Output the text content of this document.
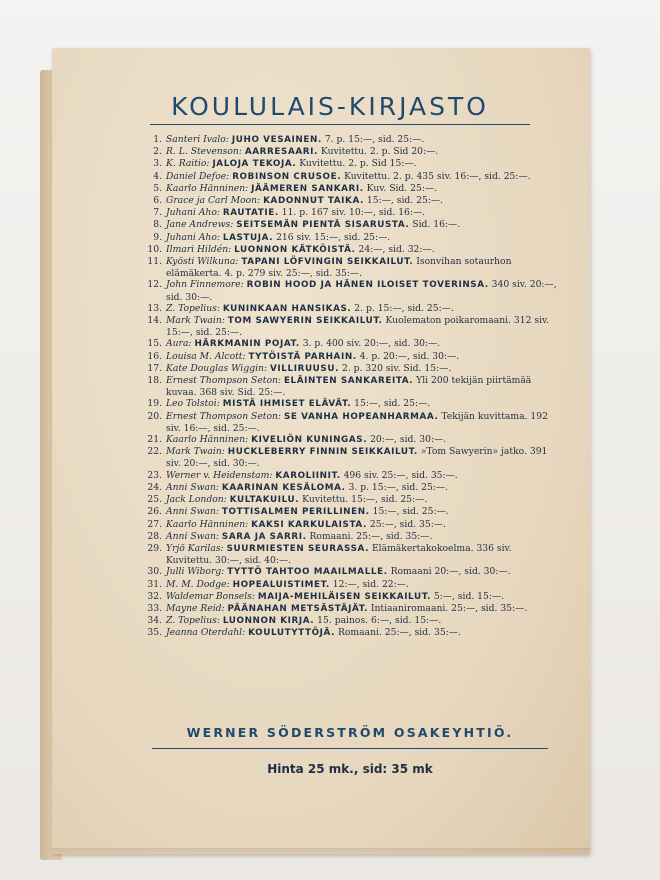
KOULULAIS-KIRJASTO
1. Santeri Ivalo: JUHO VESAINEN. 7. p. 15:—, sid. 25:—.
2. R. L. Stevenson: AARRESAARI. Kuvitettu. 2. p. Sid 20:—.
3. K. Raitio: JALOJA TEKOJA. Kuvitettu. 2. p. Sid 15:—.
4. Daniel Defoe: ROBINSON CRUSOE. Kuvitettu. 2. p. 435 siv. 16:—, sid. 25:—.
5. Kaarlo Hänninen: JÄÄMEREN SANKARI. Kuv. Sid. 25:—.
6. Grace ja Carl Moon: KADONNUT TAIKA. 15:—, sid. 25:—.
7. Juhani Aho: RAUTATIE. 11. p. 167 siv. 10:—, sid. 16:—.
8. Jane Andrews: SEITSEMÄN PIENTÄ SISARUSTA. Sid. 16:—.
9. Juhani Aho: LASTUJA. 216 siv. 15:—, sid. 25:—.
10. Ilmari Hildén: LUONNON KÄTKÖISTÄ. 24:—, sid. 32:—.
11. Kyösti Wilkuna: TAPANI LÖFVINGIN SEIKKAILUT. Isonvihan sotaurhon elämäkerta. 4. p. 279 siv. 25:—, sid. 35:—.
12. John Finnemore: ROBIN HOOD JA HÄNEN ILOISET TOVERINSA. 340 siv. 20:—, sid. 30:—.
13. Z. Topelius: KUNINKAAN HANSIKAS. 2. p. 15:—, sid. 25:—.
14. Mark Twain: TOM SAWYERIN SEIKKAILUT. Kuolematon poikaromaani. 312 siv. 15:—, sid. 25:—.
15. Aura: HÄRKMANIN POJAT. 3. p. 400 siv. 20:—, sid. 30:—.
16. Louisa M. Alcott: TYTÖISTÄ PARHAIN. 4. p. 20:—, sid. 30:—.
17. Kate Douglas Wiggin: VILLIRUUSU. 2. p. 320 siv. Sid. 15:—.
18. Ernest Thompson Seton: ELÄINTEN SANKAREITA. Yli 200 tekijän piirtämää kuvaa. 368 siv. Sid. 25:—.
19. Leo Tolstoi: MISTÄ IHMISET ELÄVÄT. 15:—, sid. 25:—.
20. Ernest Thompson Seton: SE VANHA HOPEANHARMAA. Tekijän kuvittama. 192 siv. 16:—, sid. 25:—.
21. Kaarlo Hänninen: KIVELIÖN KUNINGAS. 20:—, sid. 30:—.
22. Mark Twain: HUCKLEBERRY FINNIN SEIKKAILUT. »Tom Sawyerin» jatko. 391 siv. 20:—, sid. 30:—.
23. Werner v. Heidenstam: KAROLIINIT. 496 siv. 25:—, sid. 35:—.
24. Anni Swan: KAARINAN KESÄLOMA. 3. p. 15:—, sid. 25:—.
25. Jack London: KULTAKUILU. Kuvitettu. 15:—, sid. 25:—.
26. Anni Swan: TOTTISALMEN PERILLINEN. 15:—, sid. 25:—.
27. Kaarlo Hänninen: KAKSI KARKULAISTA. 25:—, sid. 35:—.
28. Anni Swan: SARA JA SARRI. Romaani. 25:—, sid. 35:—.
29. Yrjö Karilas: SUURMIESTEN SEURASSA. Elämäkertakokoelma. 336 siv. Kuvitettu. 30:—, sid. 40:—.
30. Julli Wiborg: TYTTÖ TAHTOO MAAILMALLE. Romaani 20:—, sid. 30:—.
31. M. M. Dodge: HOPEALUISTIMET. 12:—, sid. 22:—.
32. Waldemar Bonsels: MAIJA-MEHILÄISEN SEIKKAILUT. 5:—, sid. 15:—.
33. Mayne Reid: PÄÄNAHAN METSÄSTÄJÄT. Intiaaniromaani. 25:—, sid. 35:—.
34. Z. Topelius: LUONNON KIRJA. 15. painos. 6:—, sid. 15:—.
35. Jeanna Oterdahl: KOULUTYTTÖJÄ. Romaani. 25:—, sid. 35:—.
WERNER SÖDERSTRÖM OSAKEYHTIÖ.
Hinta 25 mk., sid: 35 mk
